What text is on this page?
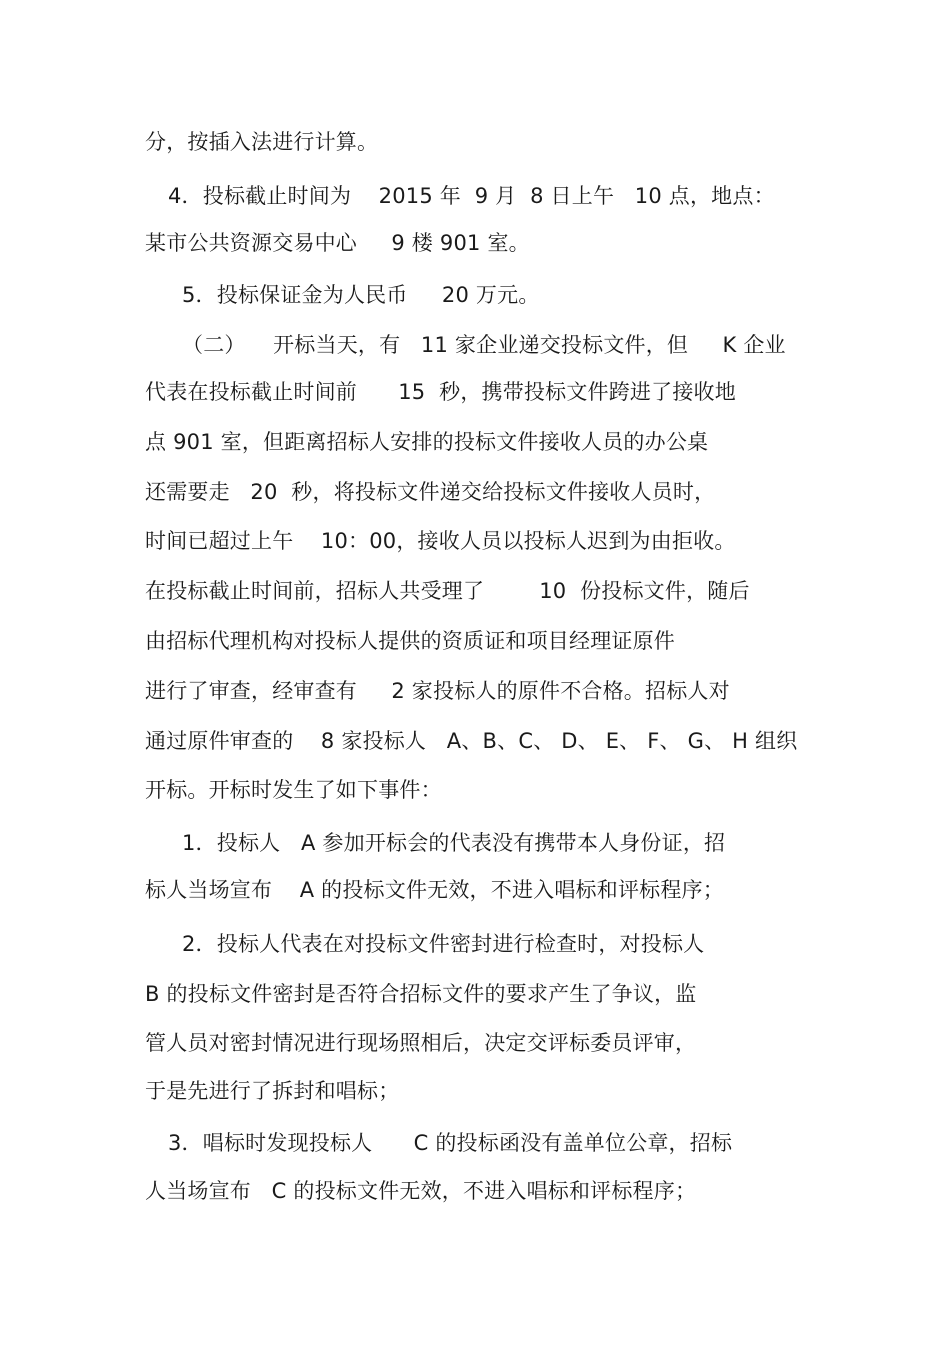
分，按插入法进行计算。
4．投标截止时间为    2015 年  9 月  8 日上午   10 点，地点：
某市公共资源交易中心     9 楼 901 室。
5．投标保证金为人民币     20 万元。
（二）    开标当天，有   11 家企业递交投标文件，但     K 企业
代表在投标截止时间前      15  秒，携带投标文件跨进了接收地
点 901 室，但距离招标人安排的投标文件接收人员的办公桌
还需要走   20  秒，将投标文件递交给投标文件接收人员时，
时间已超过上午    10：00，接收人员以投标人迟到为由拒收。
在投标截止时间前，招标人共受理了        10  份投标文件，随后
由招标代理机构对投标人提供的资质证和项目经理证原件
进行了审查，经审查有     2 家投标人的原件不合格。招标人对
通过原件审查的    8 家投标人   A、B、C、 D、 E、 F、 G、 H 组织
开标。开标时发生了如下事件：
1．投标人   A 参加开标会的代表没有携带本人身份证，招
标人当场宣布    A 的投标文件无效，不进入唱标和评标程序；
2．投标人代表在对投标文件密封进行检查时，对投标人
B 的投标文件密封是否符合招标文件的要求产生了争议，监
管人员对密封情况进行现场照相后，决定交评标委员评审，
于是先进行了拆封和唱标；
3．唱标时发现投标人      C 的投标函没有盖单位公章，招标
人当场宣布   C 的投标文件无效，不进入唱标和评标程序；
